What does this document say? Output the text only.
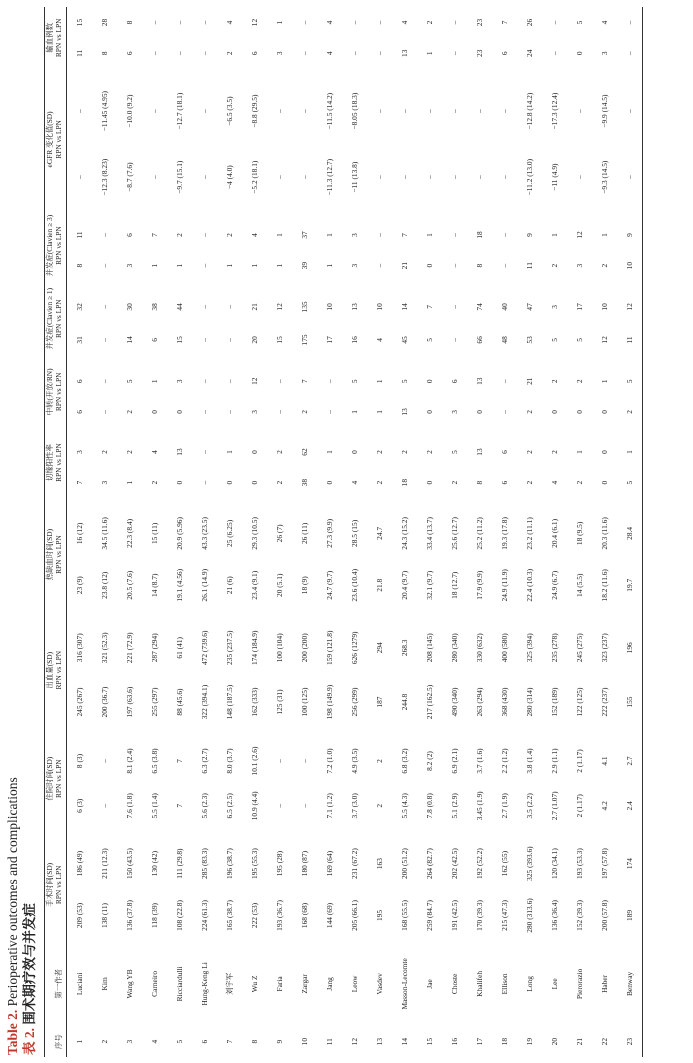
Table 2. Perioperative outcomes and complications
表 2. 围术期疗效与并发症
序号	第一作者	手术时间(SD) RPN vs LPN			住院时间(SD) RPN vs LPN			出血量(SD) RPN vs LPN			热缺血时间(SD) RPN vs LPN			切缘阳性率 RPN vs LPN			中转(开放/RN) RPN vs LPN			并发症(Clavien ≥ 1) RPN vs LPN			并发症(Clavien ≥ 3) RPN vs LPN			eGFR 变化值(SD) RPN vs LPN			输血例数 RPN vs LPN	

1	Luciani	209 (53)	186 (49)		6 (3)	8 (3)		245 (267)	316 (307)		23 (9)	16 (12)		7	3		6	6		31	32		8	11		–	–		11	15
2	Kim	138 (11)	211 (12.3)		–	–		200 (36.7)	321 (52.3)		23.8 (12)	34.5 (11.6)		3	2		–	–		–	–		–	–		−12.3 (8.23)	−11.45 (4.95)		8	28
3	Wang YB	136 (37.8)	150 (43.5)		7.6 (1.8)	8.1 (2.4)		197 (63.6)	221 (72.9)		20.5 (7.6)	22.3 (8.4)		1	2		2	5		14	30		3	6		−8.7 (7.6)	−10.0 (9.2)		6	8
4	Carneiro	118 (39)	130 (42)		5.5 (1.4)	6.5 (3.8)		255 (297)	287 (294)		14 (8.7)	15 (11)		2	4		0	1		6	38		1	7		–	–		–	–
5	Ricciardulli	108 (22.8)	111 (29.8)		7	7		88 (45.6)	61 (41)		19.1 (4.56)	20.9 (5.96)		0	13		0	3		15	44		1	2		−9.7 (15.1)	−12.7 (18.1)		–	–
6	Hung-Keng Li	224 (61.3)	285 (83.3)		5.6 (2.3)	6.3 (2.7)		322 (394.1)	472 (739.6)		26.1 (14.9)	43.3 (23.5)		–	–		–	–		–	–		–	–		–	–		–	–
7	刘宇军	165 (38.7)	196 (38.7)		6.5 (2.5)	8.0 (3.7)		148 (187.5)	235 (237.5)		21 (6)	25 (6.25)		0	1		–	–		–	–		1	2		−4 (4.0)	−6.5 (3.5)		2	4
8	Wu Z	222 (53)	195 (55.3)		10.9 (4.4)	10.1 (2.6)		162 (333)	174 (184.9)		23.4 (9.1)	29.3 (10.5)		0	0		3	12		20	21		1	4		−5.2 (18.1)	−8.8 (29.5)		6	12
9	Faria	193 (36.7)	195 (28)		–	–		125 (31)	100 (104)		20 (5.1)	26 (7)		2	2		–	–		15	12		1	1		–	–		3	1
10	Zargar	168 (68)	180 (87)		–	–		100 (125)	200 (200)		18 (9)	26 (11)		38	62		2	7		175	135		39	37		–	–		–	–
11	Jang	144 (69)	169 (64)		7.1 (1.2)	7.2 (1.0)		198 (149.9)	159 (121.8)		24.7 (9.7)	27.3 (9.9)		0	1		–	–		17	10		1	1		−11.3 (12.7)	−11.5 (14.2)		4	4
12	Leow	205 (66.1)	231 (67.2)		3.7 (3.0)	4.9 (3.5)		256 (299)	626 (1279)		23.6 (10.4)	28.5 (15)		4	0		1	5		16	13		3	3		−11 (13.8)	−8.05 (18.3)		–	–
13	Vasdev	195	163		2	2		187	294		21.8	24.7		2	2		1	1		4	10		–	–		–	–		–	–
14	Masson-Lecomte	168 (55.5)	200 (51.2)		5.5 (4.3)	6.8 (3.2)		244.8	268.3		20.4 (9.7)	24.3 (15.2)		18	2		13	5		45	14		21	7		–	–		13	4
15	Jae	259 (84.7)	264 (82.7)		7.8 (0.8)	8.2 (2)		217 (162.5)	208 (145)		32.1 (9.7)	33.4 (13.7)		0	2		0	0		5	7		0	1		–	–		1	2
16	Choste	191 (42.5)	202 (42.5)		5.1 (2.9)	6.9 (2.1)		490 (340)	280 (340)		18 (12.7)	25.6 (12.7)		2	5		3	6		–	–		–	–		–	–		–	–
17	Khalifeh	170 (39.3)	192 (52.2)		3.45 (1.9)	3.7 (1.6)		263 (294)	330 (632)		17.9 (9.9)	25.2 (11.2)		8	13		0	13		66	74		8	18		–	–		23	23
18	Ellison	215 (47.3)	162 (55)		2.7 (1.9)	2.2 (1.2)		368 (430)	400 (580)		24.9 (11.9)	19.3 (17.8)		6	6		–	–		48	40		–	–		–	–		6	7
19	Long	280 (313.6)	325 (393.6)		3.5 (2.2)	3.8 (1.4)		280 (314)	325 (394)		22.4 (10.3)	23.2 (11.1)		2	2		2	21		53	47		11	9		−11.2 (13.0)	−12.8 (14.2)		24	26
20	Lee	136 (36.4)	120 (34.1)		2.7 (1.07)	2.9 (1.1)		152 (189)	235 (278)		24.9 (6.7)	20.4 (6.1)		4	2		0	2		5	3		2	1		−11 (4.9)	−17.3 (12.4)		–	–
21	Pierorazio	152 (39.3)	193 (53.3)		2 (1.17)	2 (1.17)		122 (125)	245 (275)		14 (5.5)	18 (9.5)		2	1		0	2		5	17		3	12		–	–		0	5
22	Haber	200 (57.8)	197 (57.8)		4.2	4.1		222 (237)	323 (237)		18.2 (11.6)	20.3 (11.6)		0	0		0	1		12	10		2	1		−9.3 (14.5)	−9.9 (14.5)		3	4
23	Benway	189	174		2.4	2.7		155	196		19.7	28.4		5	1		2	5		11	12		10	9		–	–		–	–
